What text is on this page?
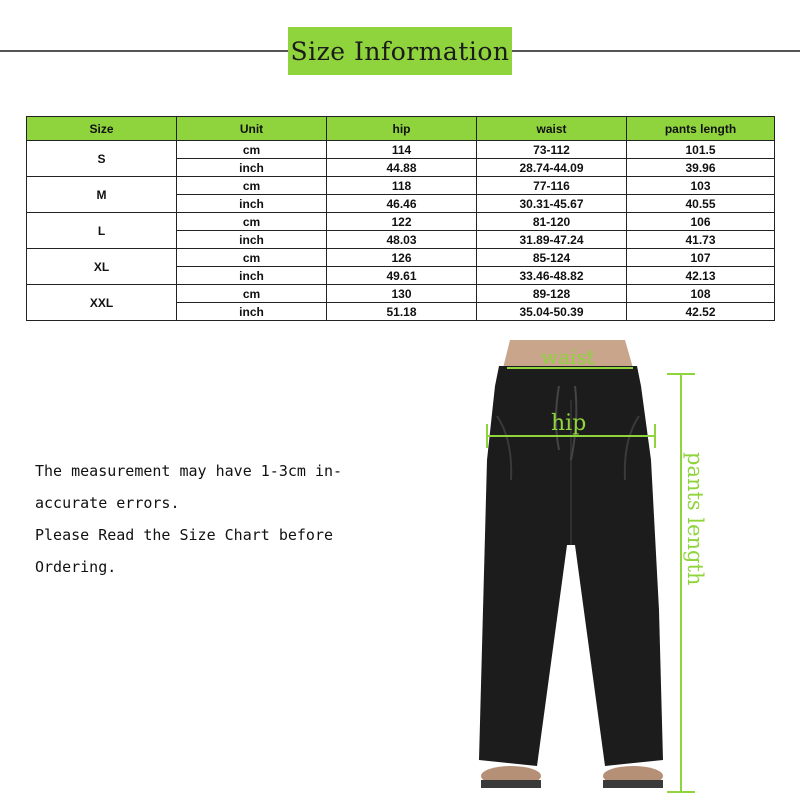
Size Information
Size	Unit	hip	waist	pants length
S	cm	114	73-112	101.5
	inch	44.88	28.74-44.09	39.96
M	cm	118	77-116	103
	inch	46.46	30.31-45.67	40.55
L	cm	122	81-120	106
	inch	48.03	31.89-47.24	41.73
XL	cm	126	85-124	107
	inch	49.61	33.46-48.82	42.13
XXL	cm	130	89-128	108
	inch	51.18	35.04-50.39	42.52

The measurement may have 1-3cm in-

accurate errors.

Please Read the Size Chart before

Ordering.

waist
hip
pants length
